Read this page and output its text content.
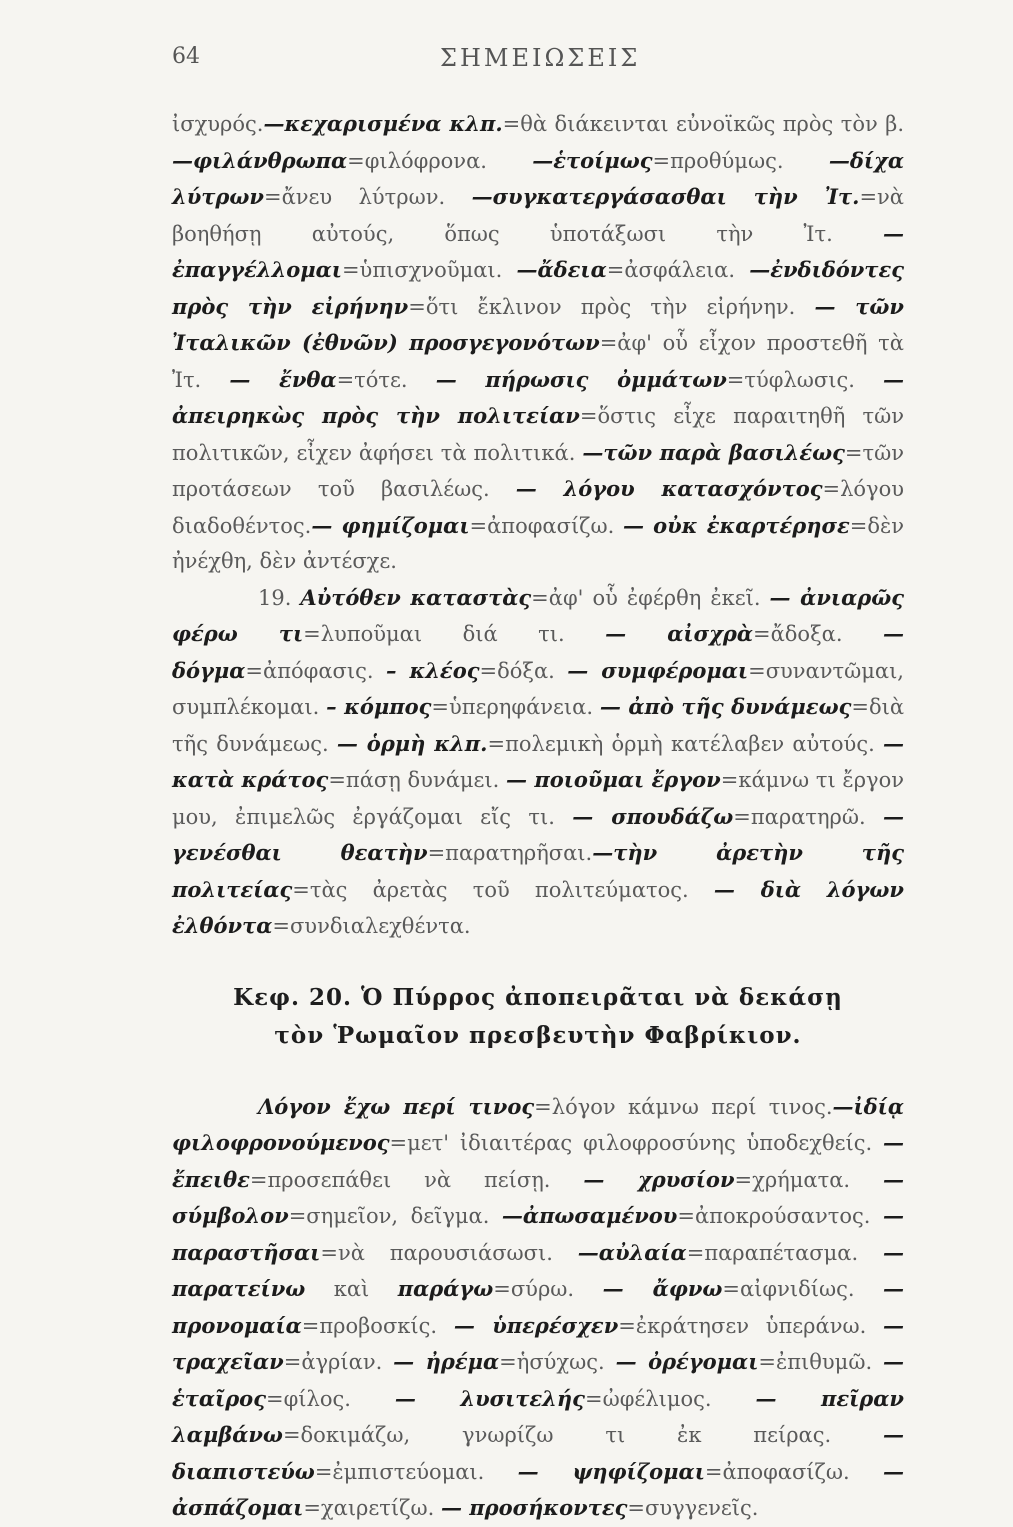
64	ΣΗΜΕΙΩΣΕΙΣ

ἰσχυρός.—κεχαρισμένα κλπ.=θὰ διάκεινται εὐνοϊκῶς πρὸς τὸν β. —φιλάνθρωπα=φιλόφρονα. —ἑτοίμως=προθύμως. —δίχα λύτρων=ἄνευ λύτρων. —συγκατεργάσασθαι τὴν Ἰτ.=νὰ βοηθήσῃ αὐτούς, ὅπως ὑποτάξωσι τὴν Ἰτ. —ἐπαγγέλλομαι=ὑπισχνοῦμαι. —ἄδεια=ἀσφάλεια. —ἐνδιδόντες πρὸς τὴν εἰρήνην=ὅτι ἔκλινον πρὸς τὴν εἰρήνην. — τῶν Ἰταλικῶν (ἐθνῶν) προσγεγονότων=ἀφ' οὗ εἶχον προστεθῆ τὰ Ἰτ. — ἔνθα=τότε. — πήρωσις ὀμμάτων=τύφλωσις. — ἀπειρηκὼς πρὸς τὴν πολιτείαν=ὅστις εἶχε παραιτηθῆ τῶν πολιτικῶν, εἶχεν ἀφήσει τὰ πολιτικά. —τῶν παρὰ βασιλέως=τῶν προτάσεων τοῦ βασιλέως. — λόγου κατασχόντος=λόγου διαδοθέντος.— φημίζομαι=ἀποφασίζω. — οὐκ ἐκαρτέρησε=δὲν ἠνέχθη, δὲν ἀντέσχε.

19. Αὐτόθεν καταστὰς=ἀφ' οὗ ἐφέρθη ἐκεῖ. — ἀνιαρῶς φέρω τι=λυποῦμαι διά τι. — αἰσχρὰ=ἄδοξα. — δόγμα=ἀπόφασις. – κλέος=δόξα. — συμφέρομαι=συναντῶμαι, συμπλέκομαι. – κόμπος=ὑπερηφάνεια. — ἀπὸ τῆς δυνάμεως=διὰ τῆς δυνάμεως. — ὁρμὴ κλπ.=πολεμικὴ ὁρμὴ κατέλαβεν αὐτούς. — κατὰ κράτος=πάσῃ δυνάμει. — ποιοῦμαι ἔργον=κάμνω τι ἔργον μου, ἐπιμελῶς ἐργάζομαι εἴς τι. — σπουδάζω=παρατηρῶ. —γενέσθαι θεατὴν=παρατηρῆσαι.—τὴν ἀρετὴν τῆς πολιτείας=τὰς ἀρετὰς τοῦ πολιτεύματος. — διὰ λόγων ἐλθόντα=συνδιαλεχθέντα.

Κεφ. 20. Ὁ Πύρρος ἀποπειρᾶται νὰ δεκάσῃ
τὸν Ῥωμαῖον πρεσβευτὴν Φαβρίκιον.

Λόγον ἔχω περί τινος=λόγον κάμνω περί τινος.—ἰδίᾳ φιλοφρονούμενος=μετ' ἰδιαιτέρας φιλοφροσύνης ὑποδεχθείς. —ἔπειθε=προσεπάθει νὰ πείσῃ. — χρυσίον=χρήματα. —σύμβολον=σημεῖον, δεῖγμα. —ἀπωσαμένου=ἀποκρούσαντος. —παραστῆσαι=νὰ παρουσιάσωσι. —αὐλαία=παραπέτασμα. — παρατείνω καὶ παράγω=σύρω. — ἄφνω=αἰφνιδίως. — προνομαία=προβοσκίς. — ὑπερέσχεν=ἐκράτησεν ὑπεράνω. — τραχεῖαν=ἀγρίαν. — ἠρέμα=ἡσύχως. — ὀρέγομαι=ἐπιθυμῶ. — ἑταῖρος=φίλος. — λυσιτελής=ὠφέλιμος. — πεῖραν λαμβάνω=δοκιμάζω, γνωρίζω τι ἐκ πείρας. — διαπιστεύω=ἐμπιστεύομαι. — ψηφίζομαι=ἀποφασίζω. — ἀσπάζομαι=χαιρετίζω. — προσήκοντες=συγγενεῖς.
